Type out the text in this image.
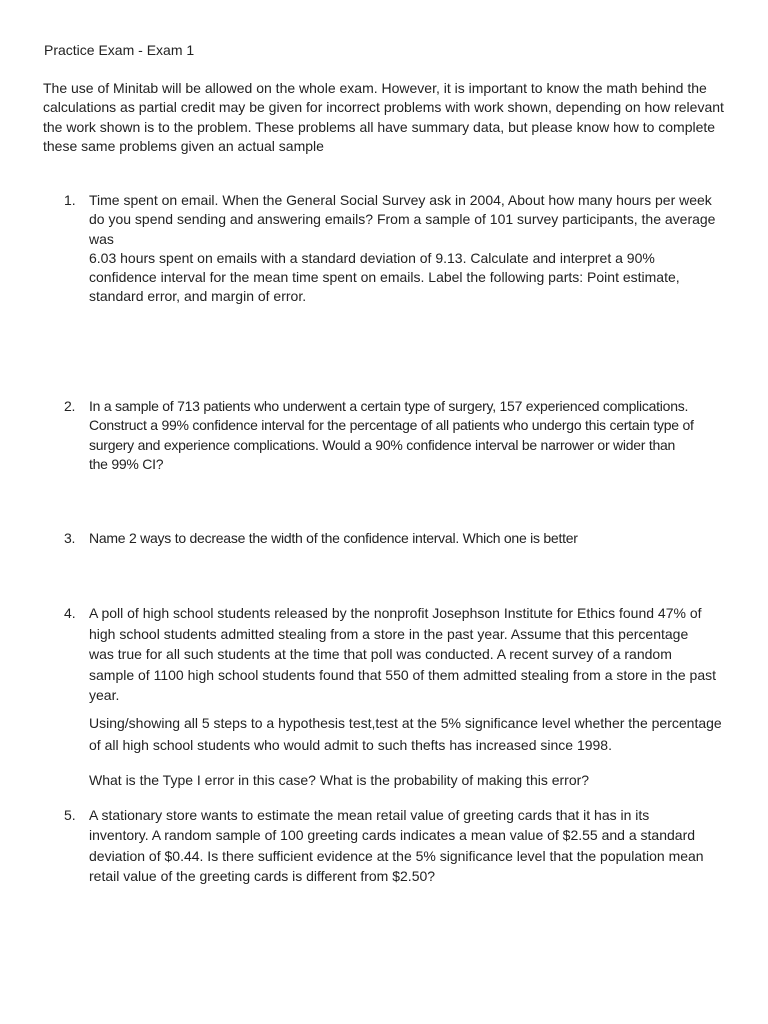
Practice Exam - Exam 1

The use of Minitab will be allowed on the whole exam. However, it is important to know the math behind the calculations as partial credit may be given for incorrect problems with work shown, depending on how relevant the work shown is to the problem. These problems all have summary data, but please know how to complete these same problems given an actual sample

1. Time spent on email. When the General Social Survey ask in 2004, About how many hours per week do you spend sending and answering emails? From a sample of 101 survey participants, the average was

6.03 hours spent on emails with a standard deviation of 9.13. Calculate and interpret a 90% confidence interval for the mean time spent on emails. Label the following parts: Point estimate, standard error, and margin of error.

2. In a sample of 713 patients who underwent a certain type of surgery, 157 experienced complications. Construct a 99% confidence interval for the percentage of all patients who undergo this certain type of surgery and experience complications. Would a 90% confidence interval be narrower or wider than the 99% CI?

3. Name 2 ways to decrease the width of the confidence interval. Which one is better

4. A poll of high school students released by the nonprofit Josephson Institute for Ethics found 47% of high school students admitted stealing from a store in the past year. Assume that this percentage was true for all such students at the time that poll was conducted. A recent survey of a random sample of 1100 high school students found that 550 of them admitted stealing from a store in the past year.

Using/showing all 5 steps to a hypothesis test,test at the 5% significance level whether the percentage of all high school students who would admit to such thefts has increased since 1998.

What is the Type I error in this case? What is the probability of making this error?

5. A stationary store wants to estimate the mean retail value of greeting cards that it has in its inventory. A random sample of 100 greeting cards indicates a mean value of $2.55 and a standard deviation of $0.44. Is there sufficient evidence at the 5% significance level that the population mean retail value of the greeting cards is different from $2.50?
